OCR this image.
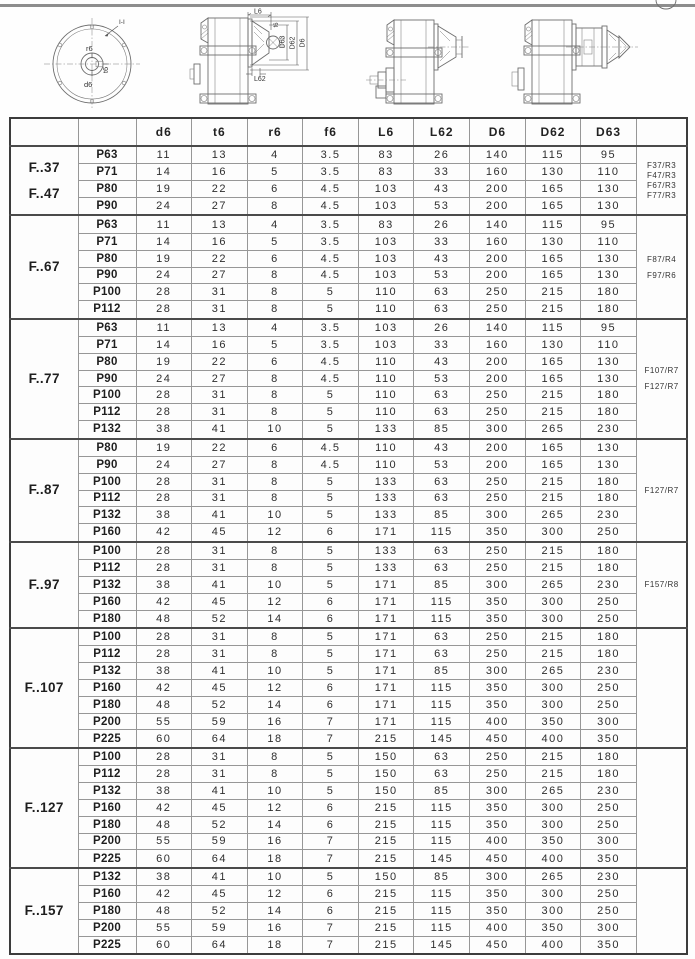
r6
t6
d6
I-I
L6
f6
D63 D62 D6
L62
		d6	t6	r6	f6	L6	L62	D6	D62	D63	

F..37
F..47
	P63	11	13	4	3.5	83	26	140	115	95	
F37/R3
F47/R3
F67/R3
F77/R3

	P71	14	16	5	3.5	83	33	160	130	110	
	P80	19	22	6	4.5	103	43	200	165	130	
	P90	24	27	8	4.5	103	53	200	165	130	

F..67	P63	11	13	4	3.5	83	26	140	115	95	F87/R4
F97/R6

	P71	14	16	5	3.5	103	33	160	130	110	
	P80	19	22	6	4.5	103	43	200	165	130	
	P90	24	27	8	4.5	103	53	200	165	130	
	P100	28	31	8	5	110	63	250	215	180	
	P112	28	31	8	5	110	63	250	215	180	

F..77	P63	11	13	4	3.5	103	26	140	115	95	F107/R7
F127/R7

	P71	14	16	5	3.5	103	33	160	130	110	
	P80	19	22	6	4.5	110	43	200	165	130	
	P90	24	27	8	4.5	110	53	200	165	130	
	P100	28	31	8	5	110	63	250	215	180	
	P112	28	31	8	5	110	63	250	215	180	
	P132	38	41	10	5	133	85	300	265	230	

F..87	P80	19	22	6	4.5	110	43	200	165	130	F127/R7

	P90	24	27	8	4.5	110	53	200	165	130	
	P100	28	31	8	5	133	63	250	215	180	
	P112	28	31	8	5	133	63	250	215	180	
	P132	38	41	10	5	133	85	300	265	230	
	P160	42	45	12	6	171	115	350	300	250	

F..97	P100	28	31	8	5	133	63	250	215	180	F157/R8

	P112	28	31	8	5	133	63	250	215	180	
	P132	38	41	10	5	171	85	300	265	230	
	P160	42	45	12	6	171	115	350	300	250	
	P180	48	52	14	6	171	115	350	300	250	

F..107	P100	28	31	8	5	171	63	250	215	180	
	P112	28	31	8	5	171	63	250	215	180	
	P132	38	41	10	5	171	85	300	265	230	
	P160	42	45	12	6	171	115	350	300	250	
	P180	48	52	14	6	171	115	350	300	250	
	P200	55	59	16	7	171	115	400	350	300	
	P225	60	64	18	7	215	145	450	400	350	

F..127	P100	28	31	8	5	150	63	250	215	180	
	P112	28	31	8	5	150	63	250	215	180	
	P132	38	41	10	5	150	85	300	265	230	
	P160	42	45	12	6	215	115	350	300	250	
	P180	48	52	14	6	215	115	350	300	250	
	P200	55	59	16	7	215	115	400	350	300	
	P225	60	64	18	7	215	145	450	400	350	

F..157	P132	38	41	10	5	150	85	300	265	230	
	P160	42	45	12	6	215	115	350	300	250	
	P180	48	52	14	6	215	115	350	300	250	
	P200	55	59	16	7	215	115	400	350	300	
	P225	60	64	18	7	215	145	450	400	350	
